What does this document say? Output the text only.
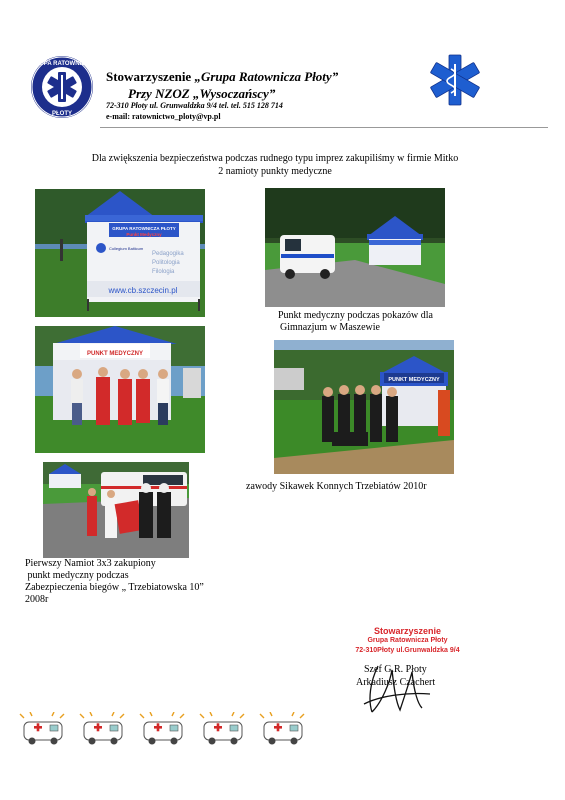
GRUPA RATOWNICZA
PŁOTY
Stowarzyszenie „Grupa Ratownicza Płoty”
Przy NZOZ „Wysoczańscy”
72-310 Płoty ul. Grunwaldzka 9/4 tel. tel. 515 128 714
e-mail: ratownictwo_ploty@vp.pl
Dla zwiększenia bezpieczeństwa podczas rudnego typu imprez zakupiliśmy w firmie Mitko
2 namioty punkty medyczne
GRUPA RATOWNICZA PŁOTY
Punkt Medyczny
Collegium Balticum
Pedagogika
Politologia
Filologia
www.cb.szczecin.pl
Punkt medyczny podczas pokazów dla
Gimnazjum w Maszewie
PUNKT MEDYCZNY
PUNKT MEDYCZNY
zawody Sikawek Konnych Trzebiatów 2010r
Pierwszy Namiot 3x3 zakupiony
punkt medyczny podczas
Zabezpieczenia biegów „ Trzebiatowska 10”
2008r
Stowarzyszenie
Grupa Ratownicza Płoty
72-310Płoty ul.Grunwaldzka 9/4
Szef G.R. Płoty
Arkadiusz Czachert
